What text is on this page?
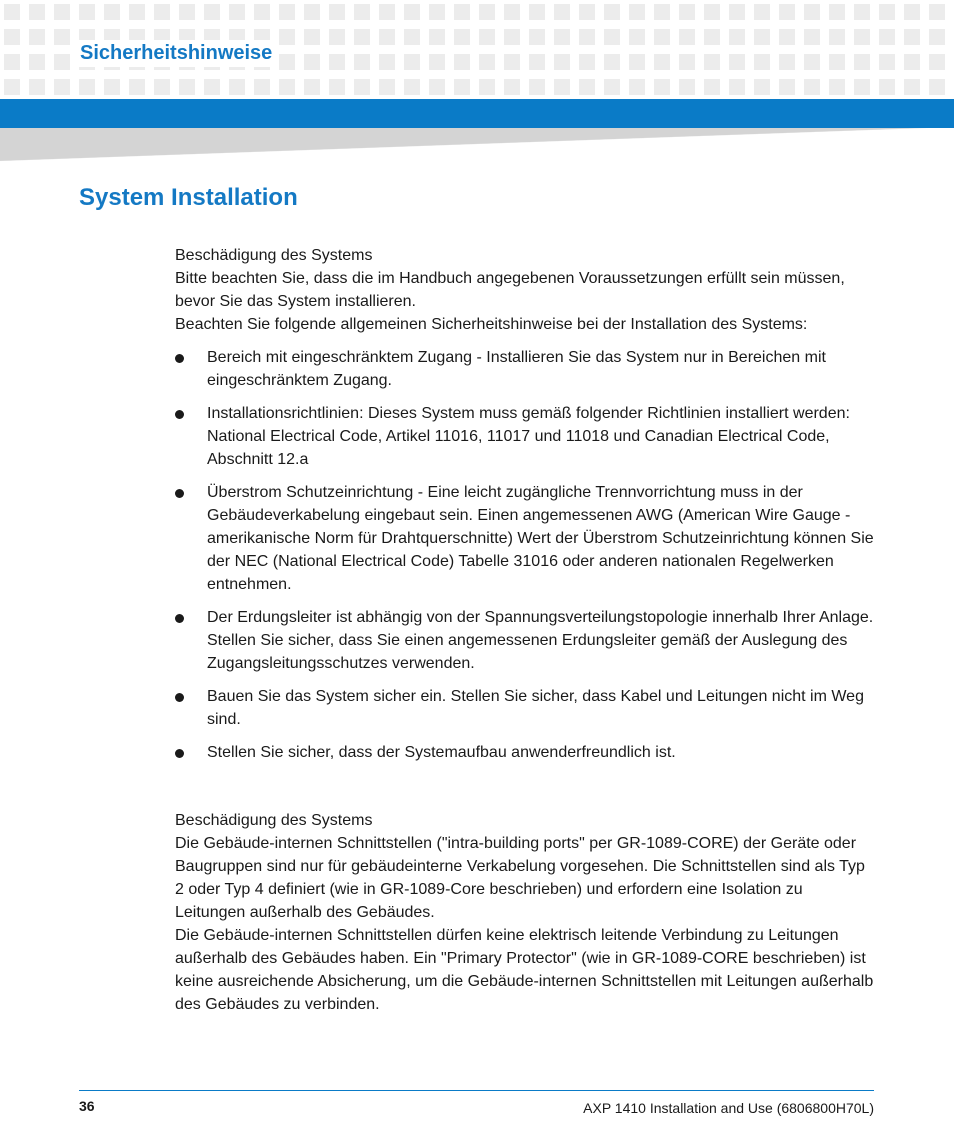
Sicherheitshinweise
System Installation

Beschädigung des Systems

Bitte beachten Sie, dass die im Handbuch angegebenen Voraussetzungen erfüllt sein müssen, bevor Sie das System installieren.

Beachten Sie folgende allgemeinen Sicherheitshinweise bei der Installation des Systems:

Bereich mit eingeschränktem Zugang - Installieren Sie das System nur in Bereichen mit eingeschränktem Zugang.
Installationsrichtlinien: Dieses System muss gemäß folgender Richtlinien installiert werden: National Electrical Code, Artikel 11016, 11017 und 11018 und Canadian Electrical Code, Abschnitt 12.a
Überstrom Schutzeinrichtung - Eine leicht zugängliche Trennvorrichtung muss in der Gebäudeverkabelung eingebaut sein. Einen angemessenen AWG (American Wire Gauge - amerikanische Norm für Drahtquerschnitte) Wert der Überstrom Schutzeinrichtung können Sie der NEC (National Electrical Code) Tabelle 31016 oder anderen nationalen Regelwerken entnehmen.
Der Erdungsleiter ist abhängig von der Spannungsverteilungstopologie innerhalb Ihrer Anlage. Stellen Sie sicher, dass Sie einen angemessenen Erdungsleiter gemäß der Auslegung des Zugangsleitungsschutzes verwenden.
Bauen Sie das System sicher ein. Stellen Sie sicher, dass Kabel und Leitungen nicht im Weg sind.
Stellen Sie sicher, dass der Systemaufbau anwenderfreundlich ist.

Beschädigung des Systems

Die Gebäude-internen Schnittstellen ("intra-building ports" per GR-1089-CORE) der Geräte oder Baugruppen sind nur für gebäudeinterne Verkabelung vorgesehen. Die Schnittstellen sind als Typ 2 oder Typ 4 definiert (wie in GR-1089-Core beschrieben) und erfordern eine Isolation zu Leitungen außerhalb des Gebäudes.

Die Gebäude-internen Schnittstellen dürfen keine elektrisch leitende Verbindung zu Leitungen außerhalb des Gebäudes haben. Ein "Primary Protector" (wie in GR-1089-CORE beschrieben) ist keine ausreichende Absicherung, um die Gebäude-internen Schnittstellen mit Leitungen außerhalb des Gebäudes zu verbinden.

36	AXP 1410 Installation and Use (6806800H70L)
